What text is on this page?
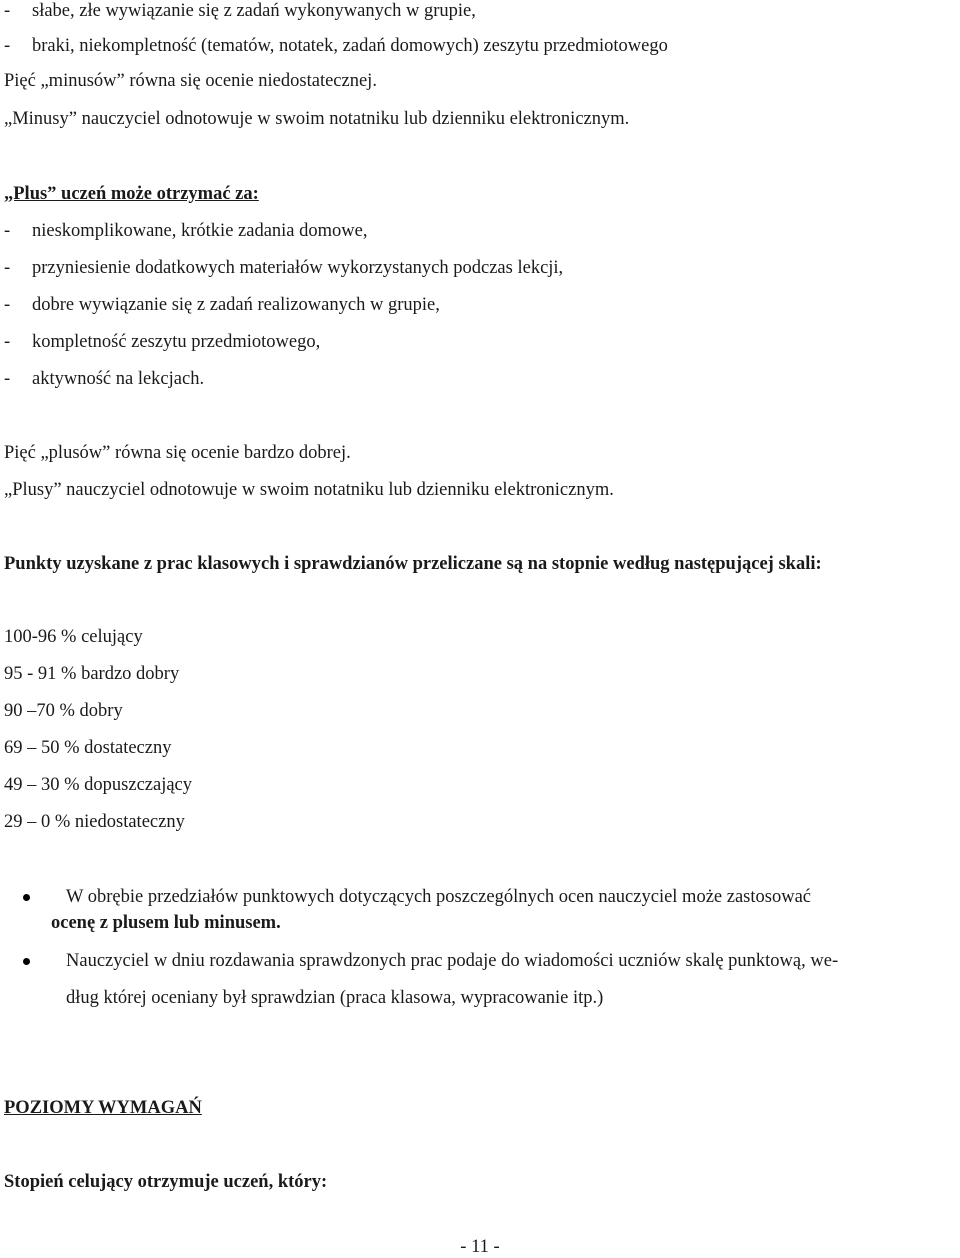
- słabe, złe wywiązanie się z zadań wykonywanych w grupie,
- braki, niekompletność (tematów, notatek, zadań domowych) zeszytu przedmiotowego
Pięć „minusów” równa się ocenie niedostatecznej.
„Minusy” nauczyciel odnotowuje w swoim notatniku lub dzienniku elektronicznym.
„Plus” uczeń może otrzymać za:
- nieskomplikowane, krótkie zadania domowe,
- przyniesienie dodatkowych materiałów wykorzystanych podczas lekcji,
- dobre wywiązanie się z zadań realizowanych w grupie,
- kompletność zeszytu przedmiotowego,
- aktywność na lekcjach.
Pięć „plusów” równa się ocenie bardzo dobrej.
„Plusy” nauczyciel odnotowuje w swoim notatniku lub dzienniku elektronicznym.
Punkty uzyskane z prac klasowych i sprawdzianów przeliczane są na stopnie według następującej skali:
100-96 % celujący
95 - 91 % bardzo dobry
90 –70 % dobry
69 – 50 % dostateczny
49 – 30 % dopuszczający
29 – 0 % niedostateczny
W obrębie przedziałów punktowych dotyczących poszczególnych ocen nauczyciel może zastosować
ocenę z plusem lub minusem.
Nauczyciel w dniu rozdawania sprawdzonych prac podaje do wiadomości uczniów skalę punktową, we-
dług której oceniany był sprawdzian (praca klasowa, wypracowanie itp.)
POZIOMY WYMAGAŃ
Stopień celujący otrzymuje uczeń, który:
- 11 -
